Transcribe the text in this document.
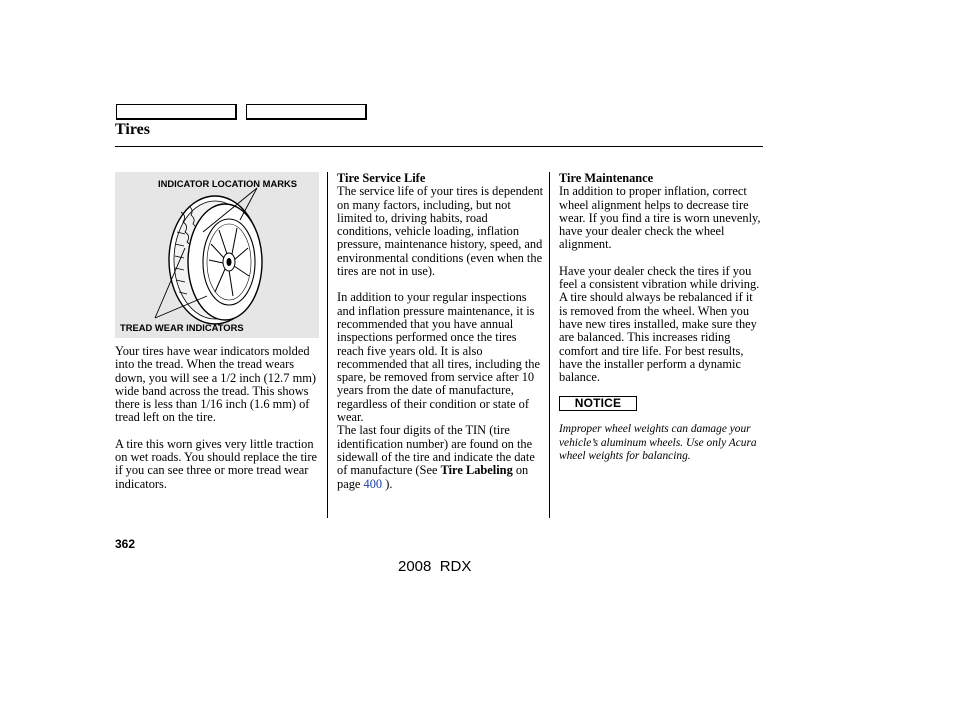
Tires
INDICATOR LOCATION MARKS
TREAD WEAR INDICATORS

Your tires have wear indicators molded into the tread. When the tread wears down, you will see a 1/2 inch (12.7 mm) wide band across the tread. This shows there is less than 1/16 inch (1.6 mm) of tread left on the tire.

A tire this worn gives very little traction on wet roads. You should replace the tire if you can see three or more tread wear indicators.

Tire Service Life

The service life of your tires is dependent on many factors, including, but not limited to, driving habits, road conditions, vehicle loading, inflation pressure, maintenance history, speed, and environmental conditions (even when the tires are not in use).

In addition to your regular inspections and inflation pressure maintenance, it is recommended that you have annual inspections performed once the tires reach five years old. It is also recommended that all tires, including the spare, be removed from service after 10 years from the date of manufacture, regardless of their condition or state of wear.

The last four digits of the TIN (tire identification number) are found on the sidewall of the tire and indicate the date of manufacture (See Tire Labeling on page 400 ).

Tire Maintenance

In addition to proper inflation, correct wheel alignment helps to decrease tire wear. If you find a tire is worn unevenly, have your dealer check the wheel alignment.

Have your dealer check the tires if you feel a consistent vibration while driving. A tire should always be rebalanced if it is removed from the wheel. When you have new tires installed, make sure they are balanced. This increases riding comfort and tire life. For best results, have the installer perform a dynamic balance.

NOTICE

Improper wheel weights can damage your vehicle’s aluminum wheels. Use only Acura wheel weights for balancing.

362
2008  RDX
